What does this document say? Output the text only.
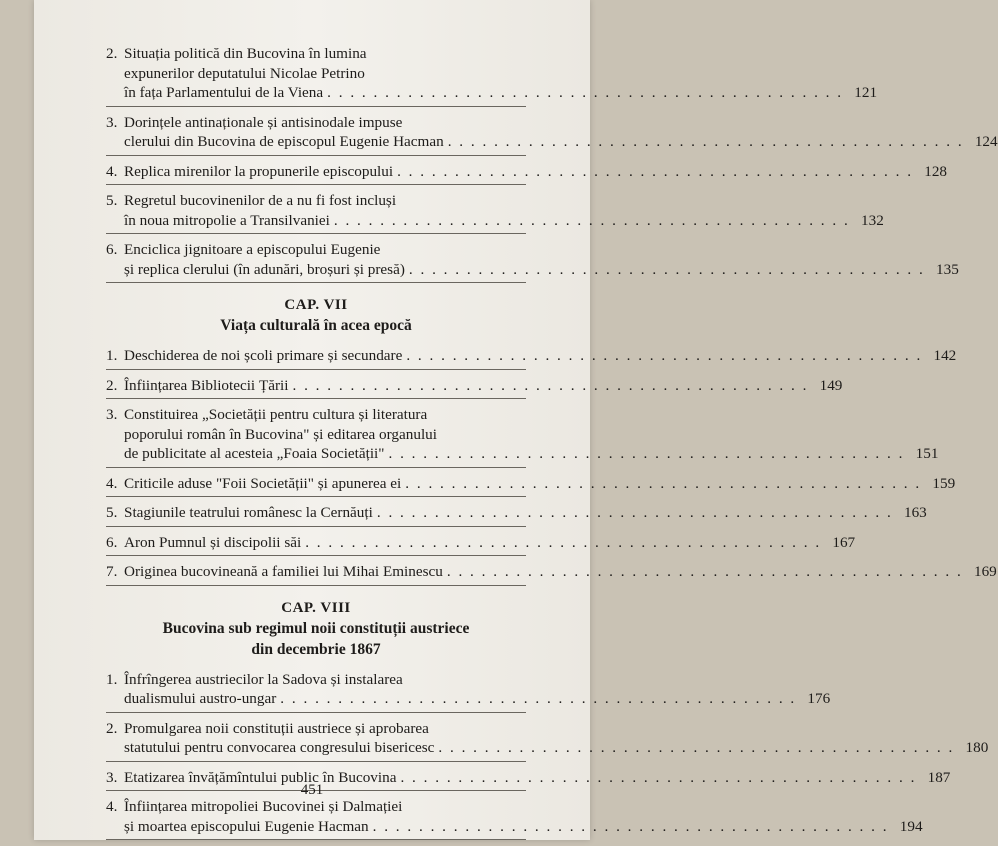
2. Situația politică din Bucovina în lumina
expunerilor deputatului Nicolae Petrino
în fața Parlamentului de la Viena . . .	121
3. Dorințele antinaționale și antisinodale impuse
clerului din Bucovina de episcopul Eugenie Hacman . . .	124
4. Replica mirenilor la propunerile episcopului . . .	128
5. Regretul bucovinenilor de a nu fi fost incluși
în noua mitropolie a Transilvaniei . . .	132
6. Enciclica jignitoare a episcopului Eugenie
și replica clerului (în adunări, broșuri și presă) . . .	135
CAP. VII
Viața culturală în acea epocă
1. Deschiderea de noi școli primare și secundare . . .	142
2. Înființarea Bibliotecii Țării . . .	149
3. Constituirea „Societății pentru cultura și literatura
poporului român în Bucovina" și editarea organului
de publicitate al acesteia „Foaia Societății" . . .	151
4. Criticile aduse "Foii Societății" și apunerea ei . . .	159
5. Stagiunile teatrului românesc la Cernăuți . . .	163
6. Aron Pumnul și discipolii săi . . .	167
7. Originea bucovineană a familiei lui Mihai Eminescu . . .	169
CAP. VIII
Bucovina sub regimul noii constituții austriece
din decembrie 1867
1. Înfrîngerea austriecilor la Sadova și instalarea
dualismului austro-ungar . . .	176
2. Promulgarea noii constituții austriece și aprobarea
statutului pentru convocarea congresului bisericesc . . .	180
3. Etatizarea învățămîntului public în Bucovina . . .	187
4. Înființarea mitropoliei Bucovinei și Dalmației
și moartea episcopului Eugenie Hacman . . .	194
451
